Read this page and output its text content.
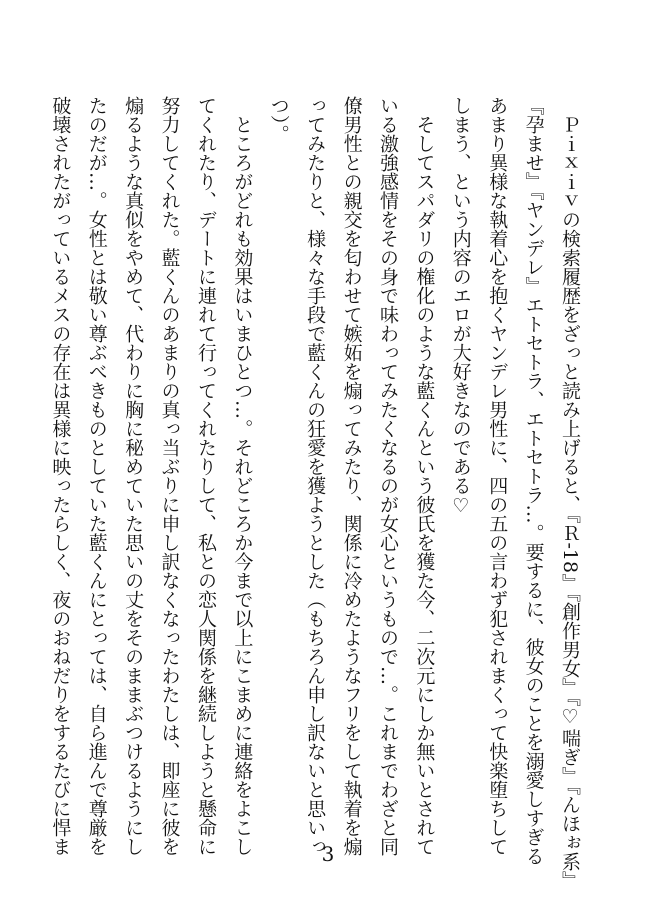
　Ｐｉｘｉｖの検索履歴をざっと読み上げると、『Ｒ-18』『創作男女』『♡喘ぎ』『んほぉ系』
『孕ませ』『ヤンデレ』エトセトラ、エトセトラ…。要するに、彼女のことを溺愛しすぎる
あまり異様な執着心を抱くヤンデレ男性に、四の五の言わず犯されまくって快楽堕ちして
しまう、という内容のエロが大好きなのである♡
　そしてスパダリの権化のような藍くんという彼氏を獲た今、二次元にしか無いとされて
いる激強感情をその身で味わってみたくなるのが女心というもので…。これまでわざと同
僚男性との親交を匂わせて嫉妬を煽ってみたり、関係に冷めたようなフリをして執着を煽
ってみたりと、様々な手段で藍くんの狂愛を獲ようとした（もちろん申し訳ないと思いっ
つ）。
　ところがどれも効果はいまひとつ…。それどころか今まで以上にこまめに連絡をよこし
てくれたり、デートに連れて行ってくれたりして、私との恋人関係を継続しようと懸命に
努力してくれた。藍くんのあまりの真っ当ぶりに申し訳なくなったわたしは、即座に彼を
煽るような真似をやめて、代わりに胸に秘めていた思いの丈をそのままぶつけるようにし
たのだが…。女性とは敬い尊ぶべきものとしていた藍くんにとっては、自ら進んで尊厳を
破壊されたがっているメスの存在は異様に映ったらしく、夜のおねだりをするたびに悍ま	3
